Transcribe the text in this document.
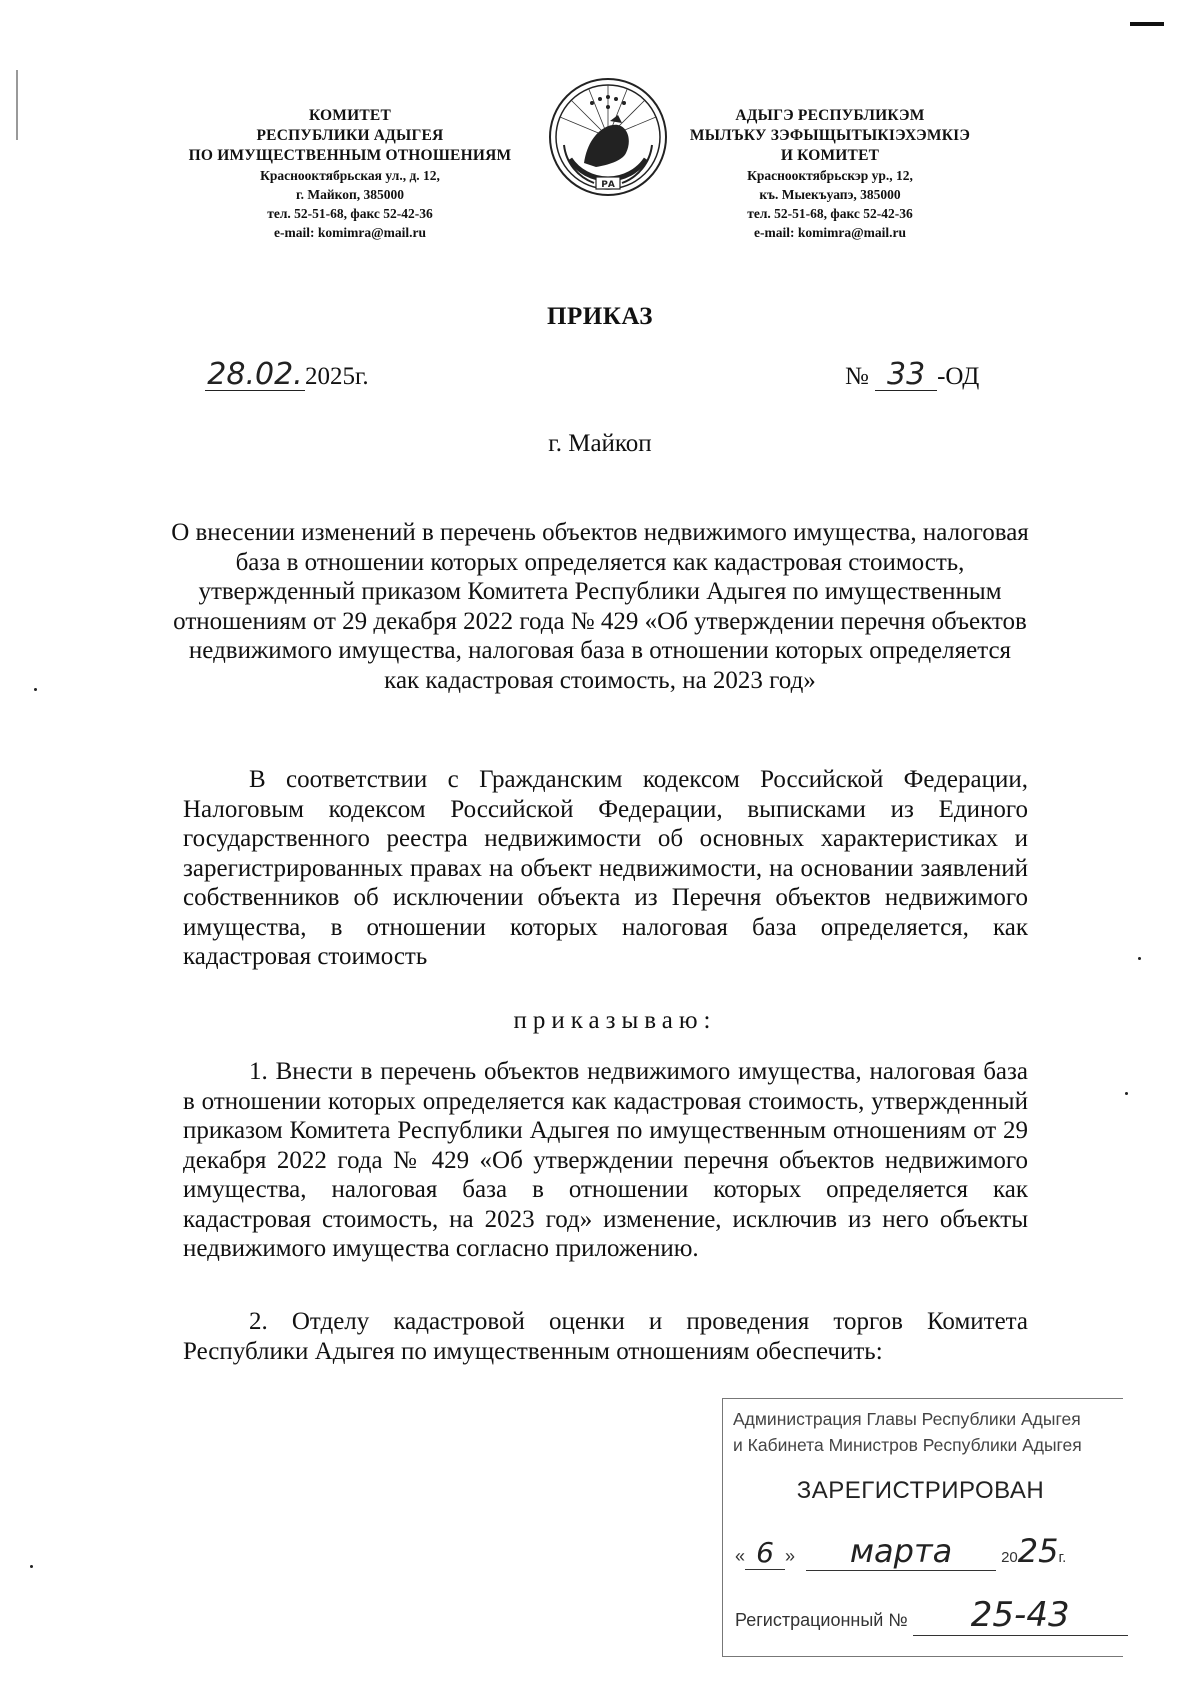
КОМИТЕТ
РЕСПУБЛИКИ АДЫГЕЯ
ПО ИМУЩЕСТВЕННЫМ ОТНОШЕНИЯМ
Краснооктябрьская ул., д. 12,
г. Майкоп, 385000
тел. 52-51-68, факс 52-42-36
e-mail: komimra@mail.ru
РА
АДЫГЭ РЕСПУБЛИКЭМ
МЫЛЪКУ ЗЭФЫЩЫТЫКIЭХЭМКIЭ
И КОМИТЕТ
Краснооктябрьскэр ур., 12,
къ. Мыекъуапэ, 385000
тел. 52-51-68, факс 52-42-36
e-mail: komimra@mail.ru
ПРИКАЗ
28.02.2025г.	№ 33 -ОД
г. Майкоп
О внесении изменений в перечень объектов недвижимого имущества, налоговая база в отношении которых определяется как кадастровая стоимость, утвержденный приказом Комитета Республики Адыгея по имущественным отношениям от 29 декабря 2022 года № 429 «Об утверждении перечня объектов недвижимого имущества, налоговая база в отношении которых определяется как кадастровая стоимость, на 2023 год»
В соответствии с Гражданским кодексом Российской Федерации, Налоговым кодексом Российской Федерации, выписками из Единого государственного реестра недвижимости об основных характеристиках и зарегистрированных правах на объект недвижимости, на основании заявлений собственников об исключении объекта из Перечня объектов недвижимого имущества, в отношении которых налоговая база определяется, как кадастровая стоимость
приказываю:
1. Внести в перечень объектов недвижимого имущества, налоговая база в отношении которых определяется как кадастровая стоимость, утвержденный приказом Комитета Республики Адыгея по имущественным отношениям от 29 декабря 2022 года № 429 «Об утверждении перечня объектов недвижимого имущества, налоговая база в отношении которых определяется как кадастровая стоимость, на 2023 год» изменение, исключив из него объекты недвижимого имущества согласно приложению.
2. Отделу кадастровой оценки и проведения торгов Комитета Республики Адыгея по имущественным отношениям обеспечить:
Администрация Главы Республики Адыгея
и Кабинета Министров Республики Адыгея
ЗАРЕГИСТРИРОВАН
« 6 » марта	2025г.
Регистрационный № 25-43
